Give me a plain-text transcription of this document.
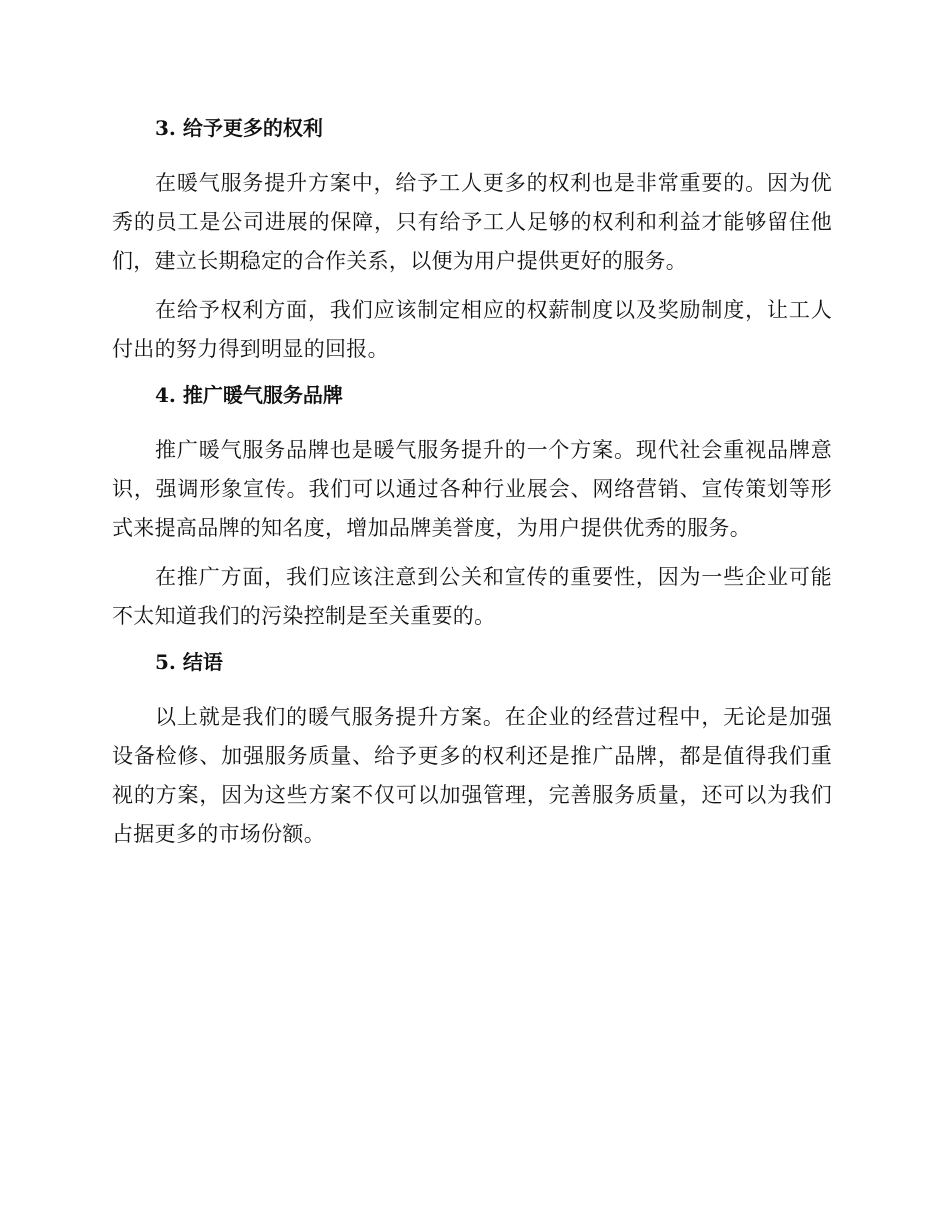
3. 给予更多的权利

在暖气服务提升方案中，给予工人更多的权利也是非常重要的。因为优秀的员工是公司进展的保障，只有给予工人足够的权利和利益才能够留住他们，建立长期稳定的合作关系，以便为用户提供更好的服务。

在给予权利方面，我们应该制定相应的权薪制度以及奖励制度，让工人付出的努力得到明显的回报。

4. 推广暖气服务品牌

推广暖气服务品牌也是暖气服务提升的一个方案。现代社会重视品牌意识，强调形象宣传。我们可以通过各种行业展会、网络营销、宣传策划等形式来提高品牌的知名度，增加品牌美誉度，为用户提供优秀的服务。

在推广方面，我们应该注意到公关和宣传的重要性，因为一些企业可能不太知道我们的污染控制是至关重要的。

5. 结语

以上就是我们的暖气服务提升方案。在企业的经营过程中，无论是加强设备检修、加强服务质量、给予更多的权利还是推广品牌，都是值得我们重视的方案，因为这些方案不仅可以加强管理，完善服务质量，还可以为我们占据更多的市场份额。
